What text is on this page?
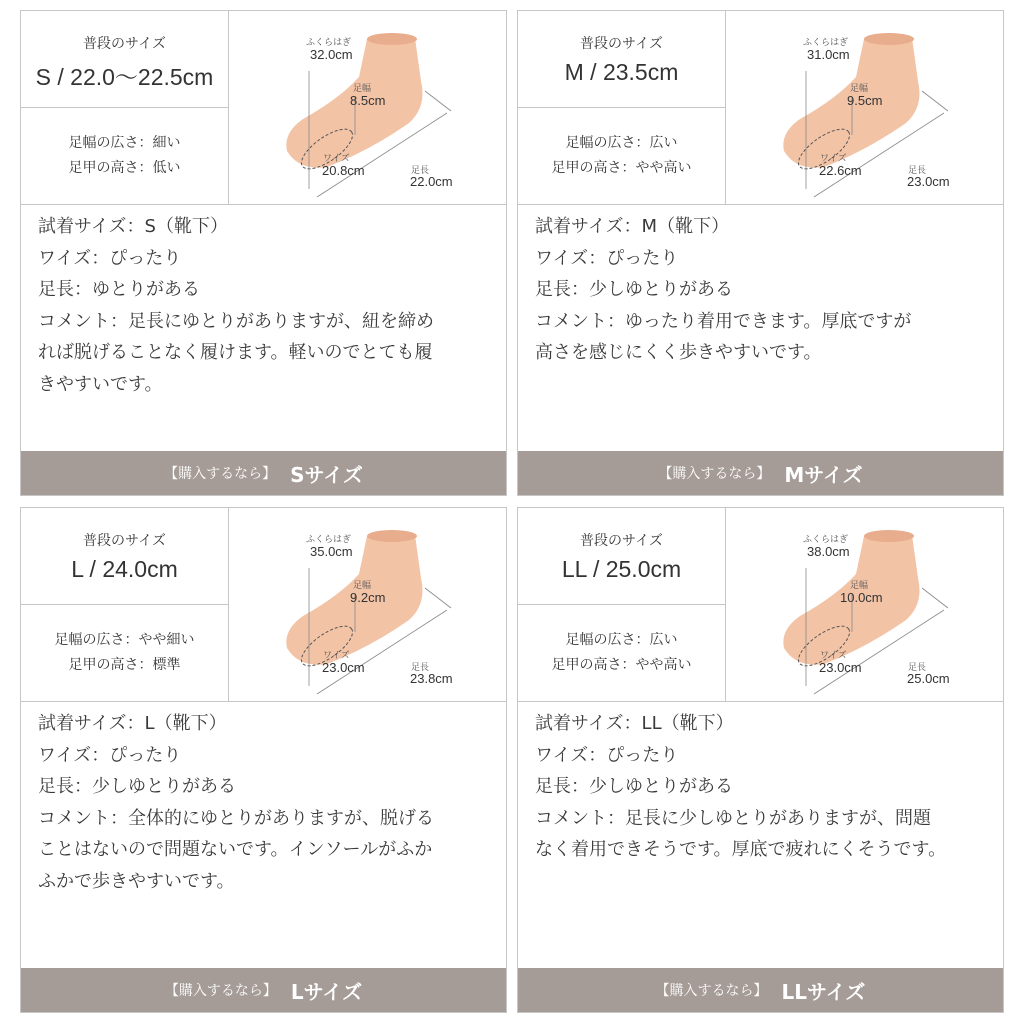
普段のサイズ
S / 22.0〜22.5cm
足幅の広さ：細い
足甲の高さ：低い
ふくらはぎ
32.0cm
足幅
8.5cm
ワイズ
20.8cm	足長
22.0cm
試着サイズ：S（靴下）
ワイズ：ぴったり
足長：ゆとりがある
コメント：足長にゆとりがありますが、紐を締め
れば脱げることなく履けます。軽いのでとても履
きやすいです。
【購入するなら】 Sサイズ
普段のサイズ
M / 23.5cm
足幅の広さ：広い
足甲の高さ：やや高い
ふくらはぎ
31.0cm
足幅
9.5cm
ワイズ
22.6cm	足長
23.0cm
試着サイズ：M（靴下）
ワイズ：ぴったり
足長：少しゆとりがある
コメント：ゆったり着用できます。厚底ですが
高さを感じにくく歩きやすいです。
【購入するなら】 Mサイズ
普段のサイズ
L / 24.0cm
足幅の広さ：やや細い
足甲の高さ：標準
ふくらはぎ
35.0cm
足幅
9.2cm
ワイズ
23.0cm	足長
23.8cm
試着サイズ：L（靴下）
ワイズ：ぴったり
足長：少しゆとりがある
コメント：全体的にゆとりがありますが、脱げる
ことはないので問題ないです。インソールがふか
ふかで歩きやすいです。
【購入するなら】 Lサイズ
普段のサイズ
LL / 25.0cm
足幅の広さ：広い
足甲の高さ：やや高い
ふくらはぎ
38.0cm
足幅
10.0cm
ワイズ
23.0cm	足長
25.0cm
試着サイズ：LL（靴下）
ワイズ：ぴったり
足長：少しゆとりがある
コメント：足長に少しゆとりがありますが、問題
なく着用できそうです。厚底で疲れにくそうです。
【購入するなら】 LLサイズ
